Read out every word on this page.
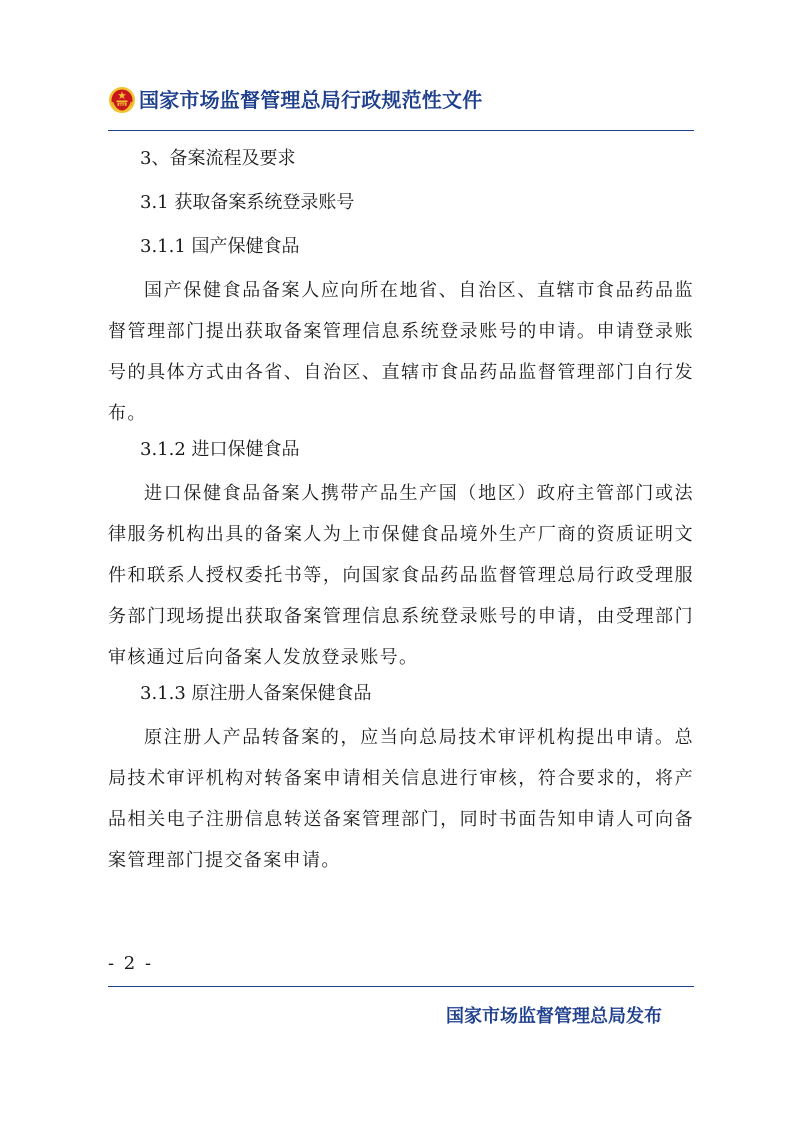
国家市场监督管理总局行政规范性文件

3、备案流程及要求

3.1 获取备案系统登录账号

3.1.1 国产保健食品

国产保健食品备案人应向所在地省、自治区、直辖市食品药品监督管理部门提出获取备案管理信息系统登录账号的申请。申请登录账号的具体方式由各省、自治区、直辖市食品药品监督管理部门自行发布。

3.1.2 进口保健食品

进口保健食品备案人携带产品生产国（地区）政府主管部门或法律服务机构出具的备案人为上市保健食品境外生产厂商的资质证明文件和联系人授权委托书等，向国家食品药品监督管理总局行政受理服务部门现场提出获取备案管理信息系统登录账号的申请，由受理部门审核通过后向备案人发放登录账号。

3.1.3 原注册人备案保健食品

原注册人产品转备案的，应当向总局技术审评机构提出申请。总局技术审评机构对转备案申请相关信息进行审核，符合要求的，将产品相关电子注册信息转送备案管理部门，同时书面告知申请人可向备案管理部门提交备案申请。

- 2 -
国家市场监督管理总局发布
